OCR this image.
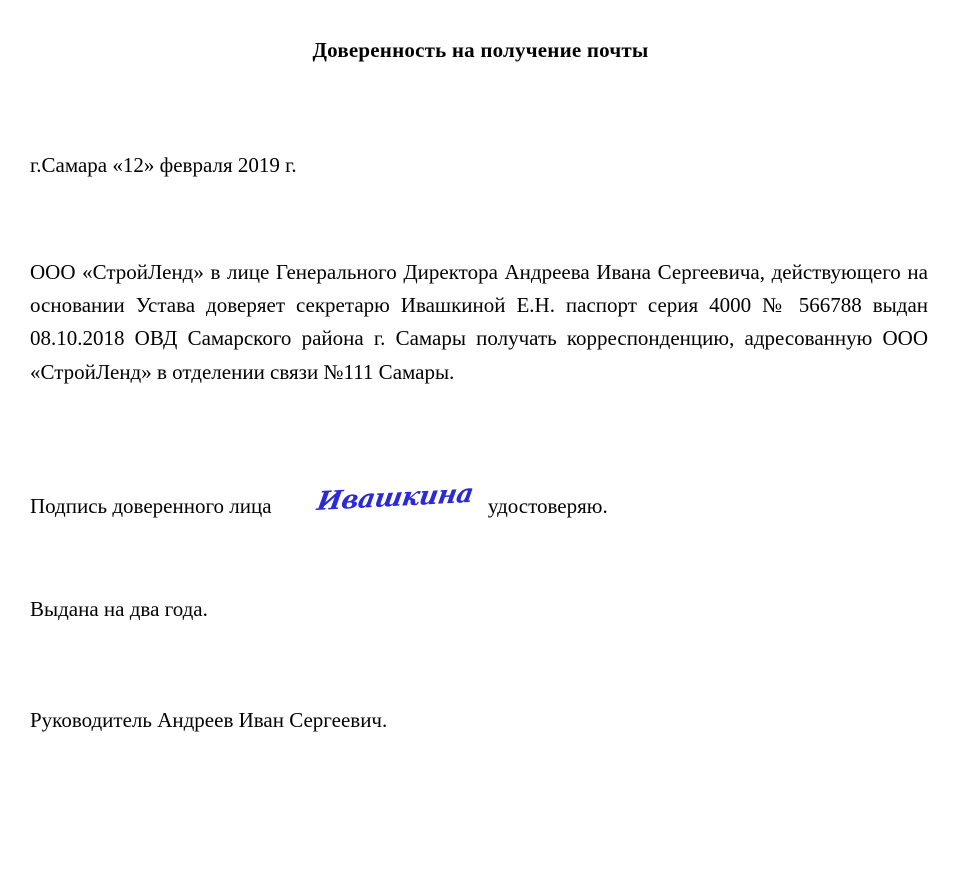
Доверенность на получение почты
г.Самара «12» февраля 2019 г.

ООО «СтройЛенд» в лице Генерального Директора Андреева Ивана Сергеевича, действующего на основании Устава доверяет секретарю Ивашкиной Е.Н. паспорт серия 4000 № 566788 выдан 08.10.2018 ОВД Самарского района г. Самары получать корреспонденцию, адресованную ООО «СтройЛенд» в отделении связи №111 Самары.

Подпись доверенного лица Ивашкина удостоверяю.
Выдана на два года.
Руководитель Андреев Иван Сергеевич.
